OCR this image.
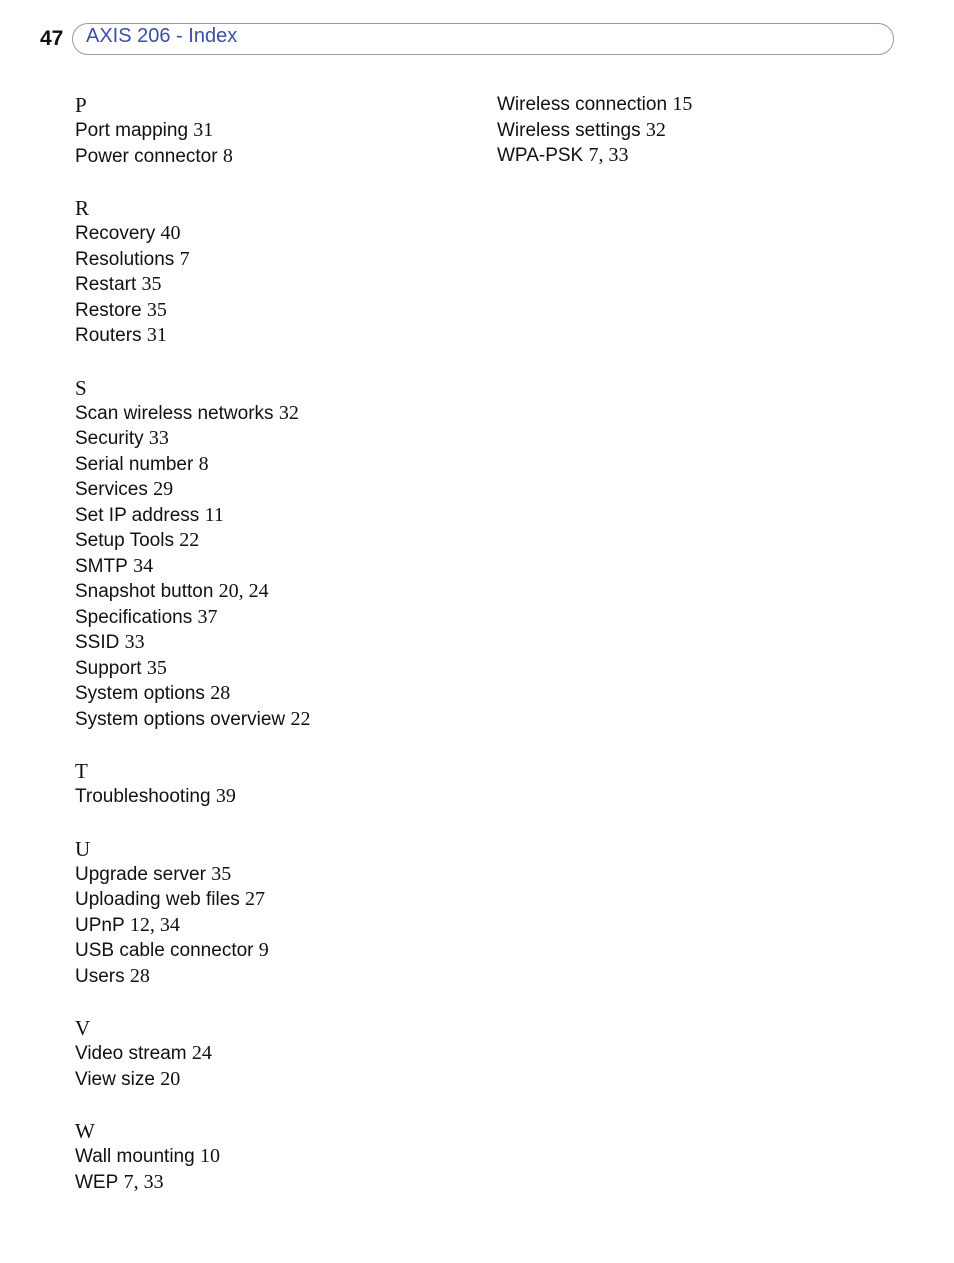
47 AXIS 206 - Index
P
Port mapping 31
Power connector 8
R
Recovery 40
Resolutions 7
Restart 35
Restore 35
Routers 31
S
Scan wireless networks 32
Security 33
Serial number 8
Services 29
Set IP address 11
Setup Tools 22
SMTP 34
Snapshot button 20, 24
Specifications 37
SSID 33
Support 35
System options 28
System options overview 22
T
Troubleshooting 39
U
Upgrade server 35
Uploading web files 27
UPnP 12, 34
USB cable connector 9
Users 28
V
Video stream 24
View size 20
W
Wall mounting 10
WEP 7, 33
Wireless connection 15
Wireless settings 32
WPA-PSK 7, 33
